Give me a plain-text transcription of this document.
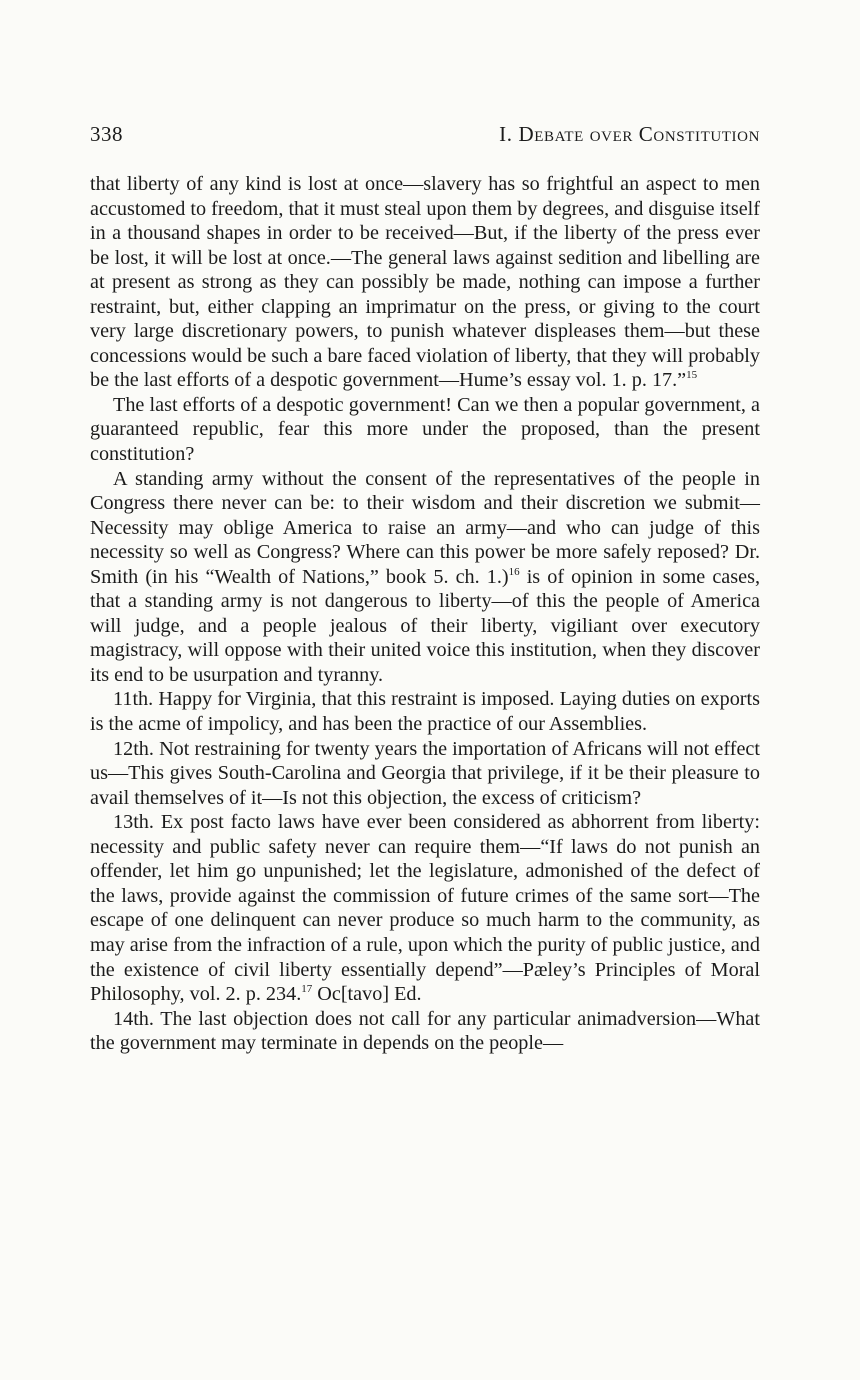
338	I. Debate over Constitution

that liberty of any kind is lost at once—slavery has so frightful an aspect to men accustomed to freedom, that it must steal upon them by degrees, and disguise itself in a thousand shapes in order to be received—But, if the liberty of the press ever be lost, it will be lost at once.—The general laws against sedition and libelling are at present as strong as they can possibly be made, nothing can impose a further restraint, but, either clapping an imprimatur on the press, or giving to the court very large discretionary powers, to punish whatever displeases them—but these concessions would be such a bare faced violation of liberty, that they will probably be the last efforts of a despotic government—Hume’s essay vol. 1. p. 17.”$^{15}$

The last efforts of a despotic government! Can we then a popular government, a guaranteed republic, fear this more under the proposed, than the present constitution?

A standing army without the consent of the representatives of the people in Congress there never can be: to their wisdom and their discretion we submit—Necessity may oblige America to raise an army—and who can judge of this necessity so well as Congress? Where can this power be more safely reposed? Dr. Smith (in his “Wealth of Nations,” book 5. ch. 1.)$^{16}$ is of opinion in some cases, that a standing army is not dangerous to liberty—of this the people of America will judge, and a people jealous of their liberty, vigiliant over executory magistracy, will oppose with their united voice this institution, when they discover its end to be usurpation and tyranny.

11th. Happy for Virginia, that this restraint is imposed. Laying duties on exports is the acme of impolicy, and has been the practice of our Assemblies.

12th. Not restraining for twenty years the importation of Africans will not effect us—This gives South-Carolina and Georgia that privilege, if it be their pleasure to avail themselves of it—Is not this objection, the excess of criticism?

13th. Ex post facto laws have ever been considered as abhorrent from liberty: necessity and public safety never can require them—“If laws do not punish an offender, let him go unpunished; let the legislature, admonished of the defect of the laws, provide against the commission of future crimes of the same sort—The escape of one delinquent can never produce so much harm to the community, as may arise from the infraction of a rule, upon which the purity of public justice, and the existence of civil liberty essentially depend”—Pæley’s Principles of Moral Philosophy, vol. 2. p. 234.17 Oc[tavo] Ed.

14th. The last objection does not call for any particular animadversion—What the government may terminate in depends on the people—
